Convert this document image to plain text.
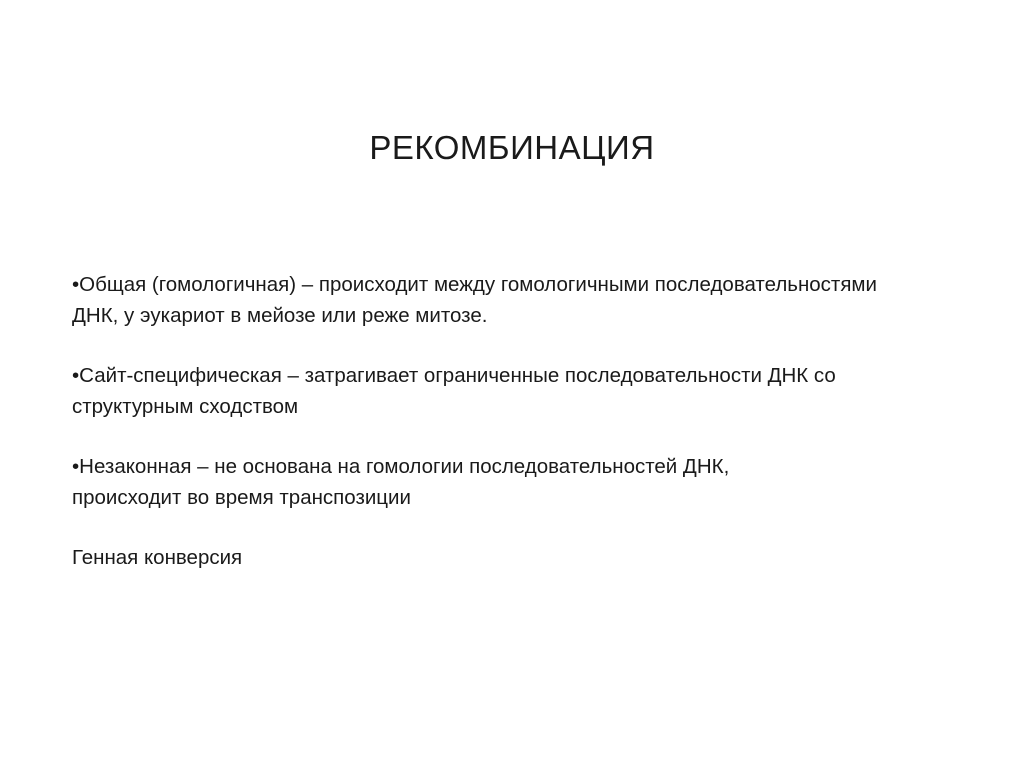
РЕКОМБИНАЦИЯ

•Общая (гомологичная) – происходит между гомологичными последовательностями
ДНК, у эукариот в мейозе или реже митозе.

•Сайт-специфическая – затрагивает ограниченные последовательности ДНК со
структурным сходством

•Незаконная – не основана на гомологии последовательностей ДНК,
происходит во время транспозиции

Генная конверсия
